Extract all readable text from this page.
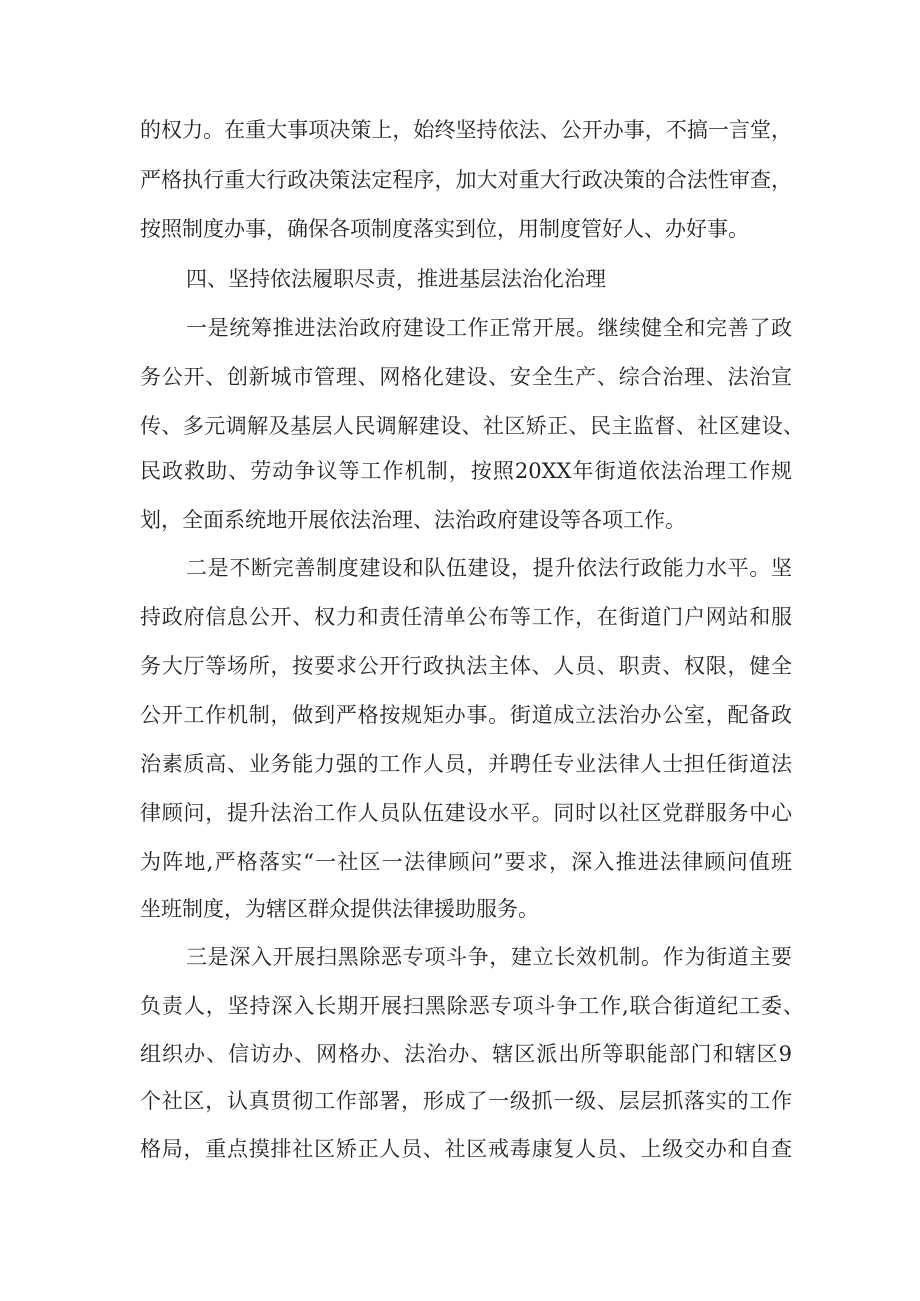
的权力。在重大事项决策上，始终坚持依法、公开办事，不搞一言堂，
严格执行重大行政决策法定程序，加大对重大行政决策的合法性审查，
按照制度办事，确保各项制度落实到位，用制度管好人、办好事。
四、坚持依法履职尽责，推进基层法治化治理
一是统筹推进法治政府建设工作正常开展。继续健全和完善了政
务公开、创新城市管理、网格化建设、安全生产、综合治理、法治宣
传、多元调解及基层人民调解建设、社区矫正、民主监督、社区建设、
民政救助、劳动争议等工作机制，按照20XX年街道依法治理工作规
划，全面系统地开展依法治理、法治政府建设等各项工作。
二是不断完善制度建设和队伍建设，提升依法行政能力水平。坚
持政府信息公开、权力和责任清单公布等工作，在街道门户网站和服
务大厅等场所，按要求公开行政执法主体、人员、职责、权限，健全
公开工作机制，做到严格按规矩办事。街道成立法治办公室，配备政
治素质高、业务能力强的工作人员，并聘任专业法律人士担任街道法
律顾问，提升法治工作人员队伍建设水平。同时以社区党群服务中心
为阵地,严格落实“一社区一法律顾问”要求，深入推进法律顾问值班
坐班制度，为辖区群众提供法律援助服务。
三是深入开展扫黑除恶专项斗争，建立长效机制。作为街道主要
负责人，坚持深入长期开展扫黑除恶专项斗争工作,联合街道纪工委、
组织办、信访办、网格办、法治办、辖区派出所等职能部门和辖区9
个社区，认真贯彻工作部署，形成了一级抓一级、层层抓落实的工作
格局，重点摸排社区矫正人员、社区戒毒康复人员、上级交办和自查
